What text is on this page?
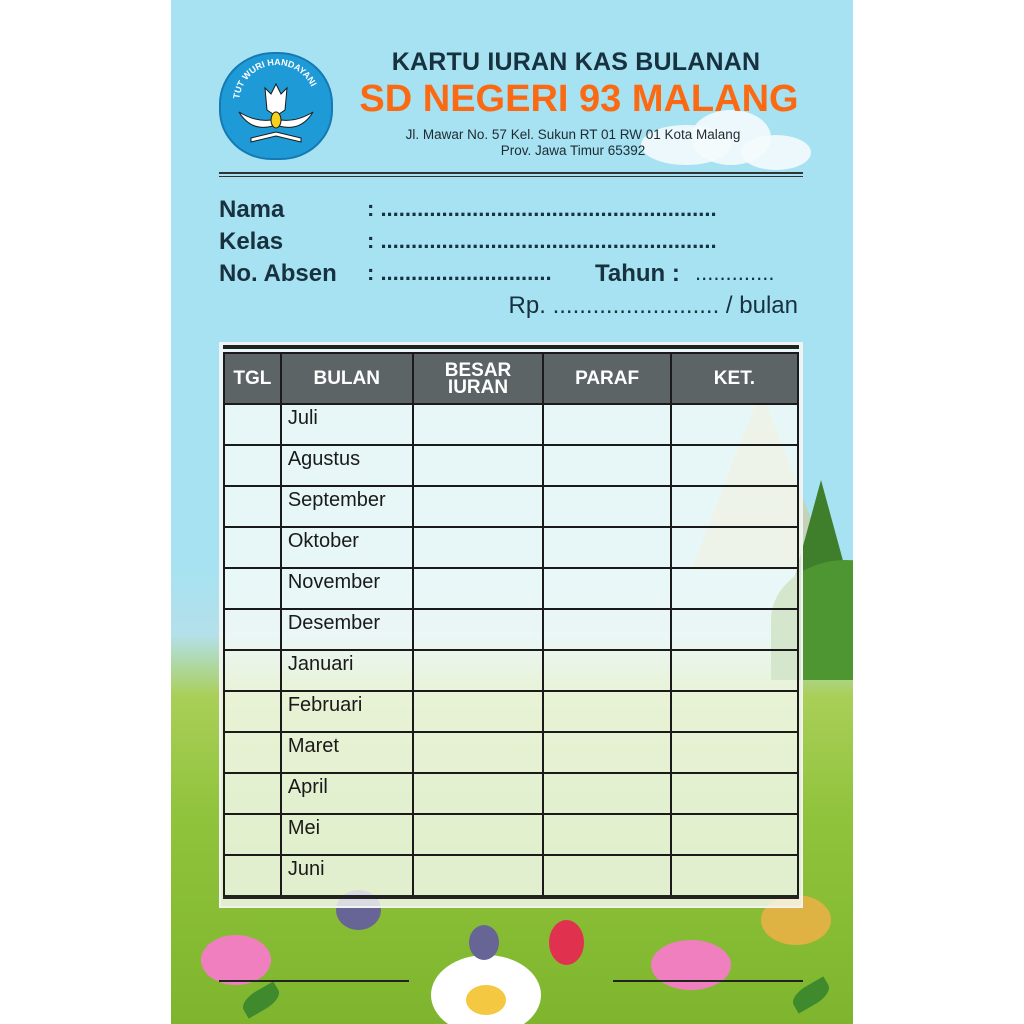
TUT WURI HANDAYANI
KARTU IURAN KAS BULANAN
SD NEGERI 93 MALANG
Jl. Mawar No. 57 Kel. Sukun RT 01 RW 01 Kota Malang
Prov. Jawa Timur 65392
Nama	: .......................................................
Kelas	: .......................................................
No. Absen : ............................	Tahun : .............
Rp. ......................... / bulan
TGL	BULAN	BESAR IURAN	PARAF	KET.
	Juli			
	Agustus			
	September			
	Oktober			
	November			
	Desember			
	Januari			
	Februari			
	Maret			
	April			
	Mei			
	Juni			
